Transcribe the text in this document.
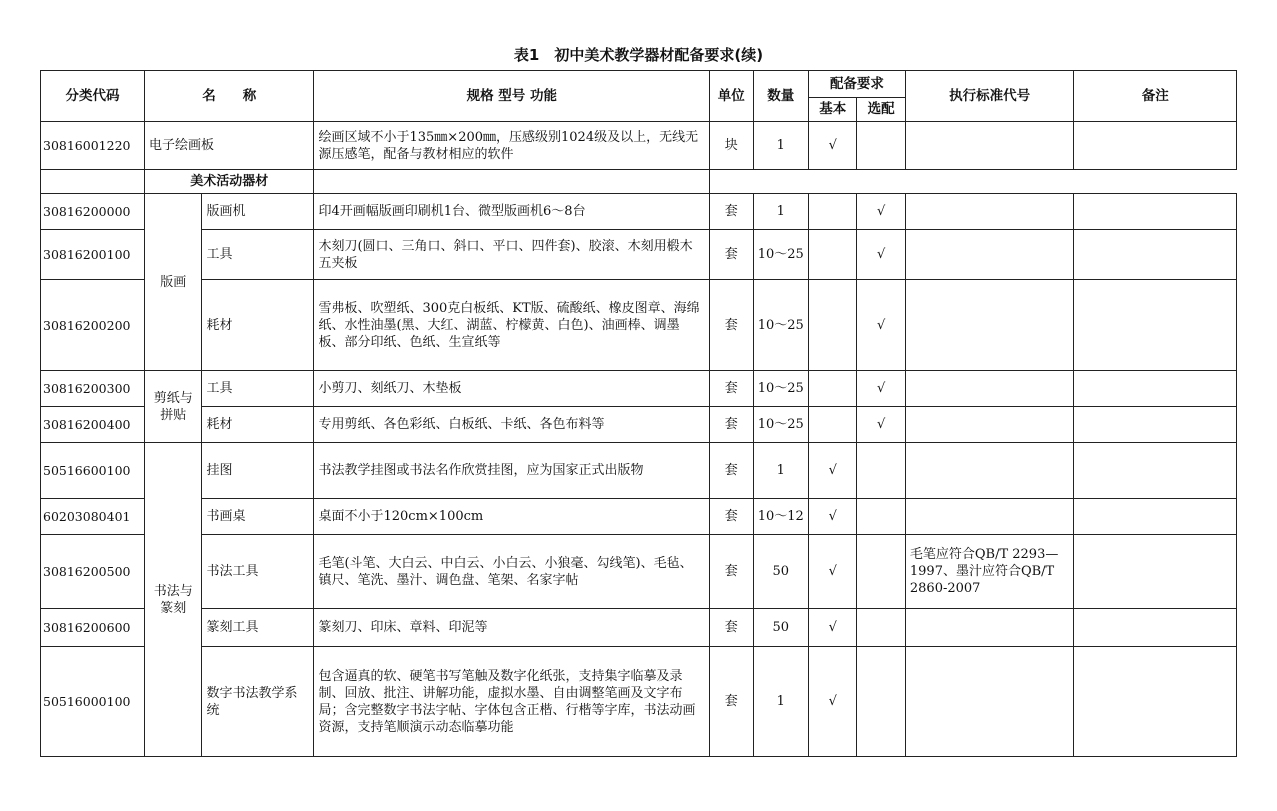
表1　初中美术教学器材配备要求(续)
分类代码	名　　称		规格 型号 功能	单位	数量	配备要求		执行标准代号	备注
						基本	选配		
30816001220	电子绘画板		绘画区域不小于135㎜×200㎜，压感级别1024级及以上，无线无源压感笔，配备与教材相应的软件	块	1	√			
	美术活动器材								
30816200000	版画	版画机	印4开画幅版画印刷机1台、微型版画机6～8台	套	1		√		
30816200100		工具	木刻刀(圆口、三角口、斜口、平口、四件套)、胶滚、木刻用椴木五夹板	套	10～25		√		
30816200200		耗材	雪弗板、吹塑纸、300克白板纸、KT版、硫酸纸、橡皮图章、海绵纸、水性油墨(黑、大红、湖蓝、柠檬黄、白色)、油画棒、调墨板、部分印纸、色纸、生宣纸等	套	10～25		√		
30816200300	剪纸与拼贴	工具	小剪刀、刻纸刀、木垫板	套	10～25		√		
30816200400		耗材	专用剪纸、各色彩纸、白板纸、卡纸、各色布料等	套	10～25		√		
50516600100	书法与篆刻	挂图	书法教学挂图或书法名作欣赏挂图，应为国家正式出版物	套	1	√			
60203080401		书画桌	桌面不小于120cm×100cm	套	10～12	√			
30816200500		书法工具	毛笔(斗笔、大白云、中白云、小白云、小狼毫、勾线笔)、毛毡、镇尺、笔洗、墨汁、调色盘、笔架、名家字帖	套	50	√		毛笔应符合QB/T 2293—1997、墨汁应符合QB/T 2860-2007	
30816200600		篆刻工具	篆刻刀、印床、章料、印泥等	套	50	√			
50516000100		数字书法教学系统	包含逼真的软、硬笔书写笔触及数字化纸张，支持集字临摹及录制、回放、批注、讲解功能，虚拟水墨、自由调整笔画及文字布局；含完整数字书法字帖、字体包含正楷、行楷等字库，书法动画资源，支持笔顺演示动态临摹功能	套	1	√			
